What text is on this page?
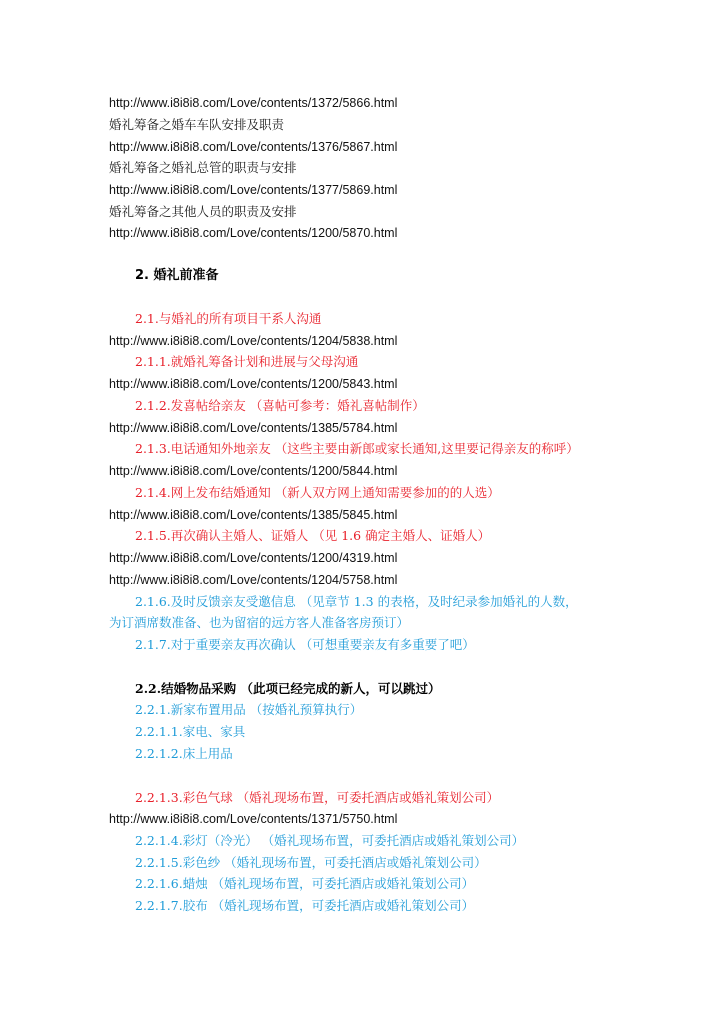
http://www.i8i8i8.com/Love/contents/1372/5866.html
婚礼筹备之婚车车队安排及职责
http://www.i8i8i8.com/Love/contents/1376/5867.html
婚礼筹备之婚礼总管的职责与安排
http://www.i8i8i8.com/Love/contents/1377/5869.html
婚礼筹备之其他人员的职责及安排
http://www.i8i8i8.com/Love/contents/1200/5870.html
2. 婚礼前准备
2.1.与婚礼的所有项目干系人沟通
http://www.i8i8i8.com/Love/contents/1204/5838.html
2.1.1.就婚礼筹备计划和进展与父母沟通
http://www.i8i8i8.com/Love/contents/1200/5843.html
2.1.2.发喜帖给亲友 （喜帖可参考：婚礼喜帖制作）
http://www.i8i8i8.com/Love/contents/1385/5784.html
2.1.3.电话通知外地亲友 （这些主要由新郎或家长通知,这里要记得亲友的称呼）
http://www.i8i8i8.com/Love/contents/1200/5844.html
2.1.4.网上发布结婚通知 （新人双方网上通知需要参加的的人选）
http://www.i8i8i8.com/Love/contents/1385/5845.html
2.1.5.再次确认主婚人、证婚人 （见 1.6 确定主婚人、证婚人）
http://www.i8i8i8.com/Love/contents/1200/4319.html
http://www.i8i8i8.com/Love/contents/1204/5758.html
2.1.6.及时反馈亲友受邀信息 （见章节 1.3 的表格，及时纪录参加婚礼的人数，
为订酒席数准备、也为留宿的远方客人准备客房预订）
2.1.7.对于重要亲友再次确认 （可想重要亲友有多重要了吧）
2.2.结婚物品采购 （此项已经完成的新人，可以跳过）
2.2.1.新家布置用品 （按婚礼预算执行）
2.2.1.1.家电、家具
2.2.1.2.床上用品
2.2.1.3.彩色气球 （婚礼现场布置，可委托酒店或婚礼策划公司）
http://www.i8i8i8.com/Love/contents/1371/5750.html
2.2.1.4.彩灯（冷光） （婚礼现场布置，可委托酒店或婚礼策划公司）
2.2.1.5.彩色纱 （婚礼现场布置，可委托酒店或婚礼策划公司）
2.2.1.6.蜡烛 （婚礼现场布置，可委托酒店或婚礼策划公司）
2.2.1.7.胶布 （婚礼现场布置，可委托酒店或婚礼策划公司）
